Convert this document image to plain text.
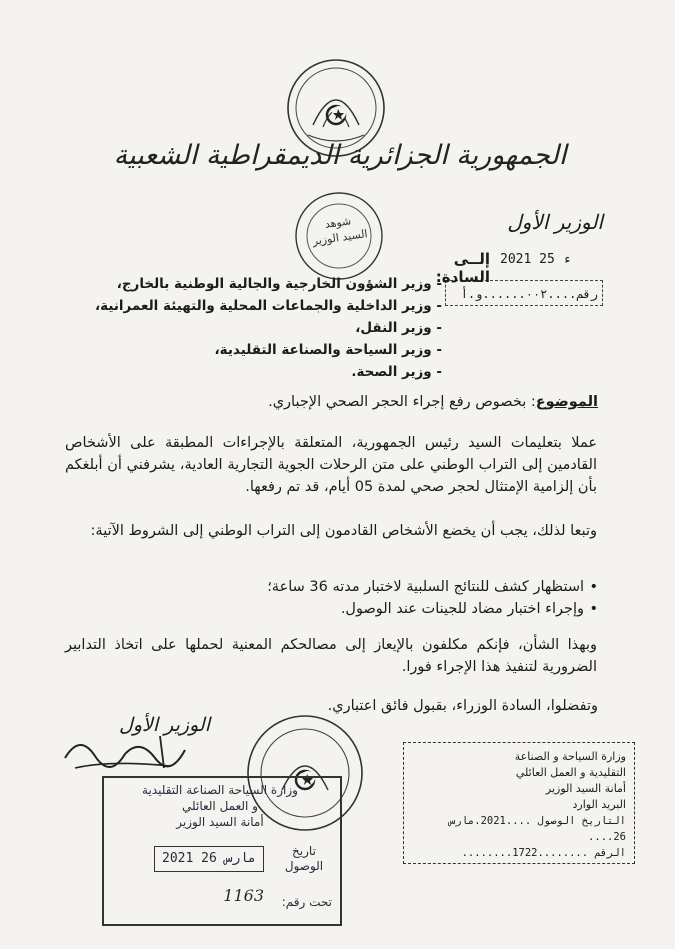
الجمهورية الجزائرية الديمقراطية الشعبية
شوهد
السيد الوزير
الوزير الأول
2021 ء 25
رقم....٠٠٢......و.أ
إلــى السادة:
- وزير الشؤون الخارجية والجالية الوطنية بالخارج،
- وزير الداخلية والجماعات المحلية والتهيئة العمرانية،
- وزير النقل،
- وزير السياحة والصناعة التقليدية،
- وزير الصحة.
الموضوع: بخصوص رفع إجراء الحجر الصحي الإجباري.
عملا بتعليمات السيد رئيس الجمهورية، المتعلقة بالإجراءات المطبقة على الأشخاص القادمين إلى التراب الوطني على متن الرحلات الجوية التجارية العادية، يشرفني أن أبلغكم بأن إلزامية الإمتثال لحجر صحي لمدة 05 أيام، قد تم رفعها.
وتبعا لذلك، يجب أن يخضع الأشخاص القادمون إلى التراب الوطني إلى الشروط الآتية:
• استظهار كشف للنتائج السلبية لاختبار مدته 36 ساعة؛
• وإجراء اختبار مضاد للجينات عند الوصول.
وبهذا الشأن، فإنكم مكلفون بالإيعاز إلى مصالحكم المعنية لحملها على اتخاذ التدابير الضرورية لتنفيذ هذا الإجراء فورا.
وتفضلوا، السادة الوزراء، بقبول فائق اعتباري.
الوزير الأول
وزارة السياحة و الصناعة
التقليدية و العمل العائلي
أمانة السيد الوزير
البريد الوارد
التاريخ الوصول ....2021.مارس 26....
الرقم ........1722........
وزارة السياحة الصناعة التقليدية
و العمل العائلي
أمانة السيد الوزير
تاريخ الوصول
2021 مارس 26
تحت رقم:
1163
